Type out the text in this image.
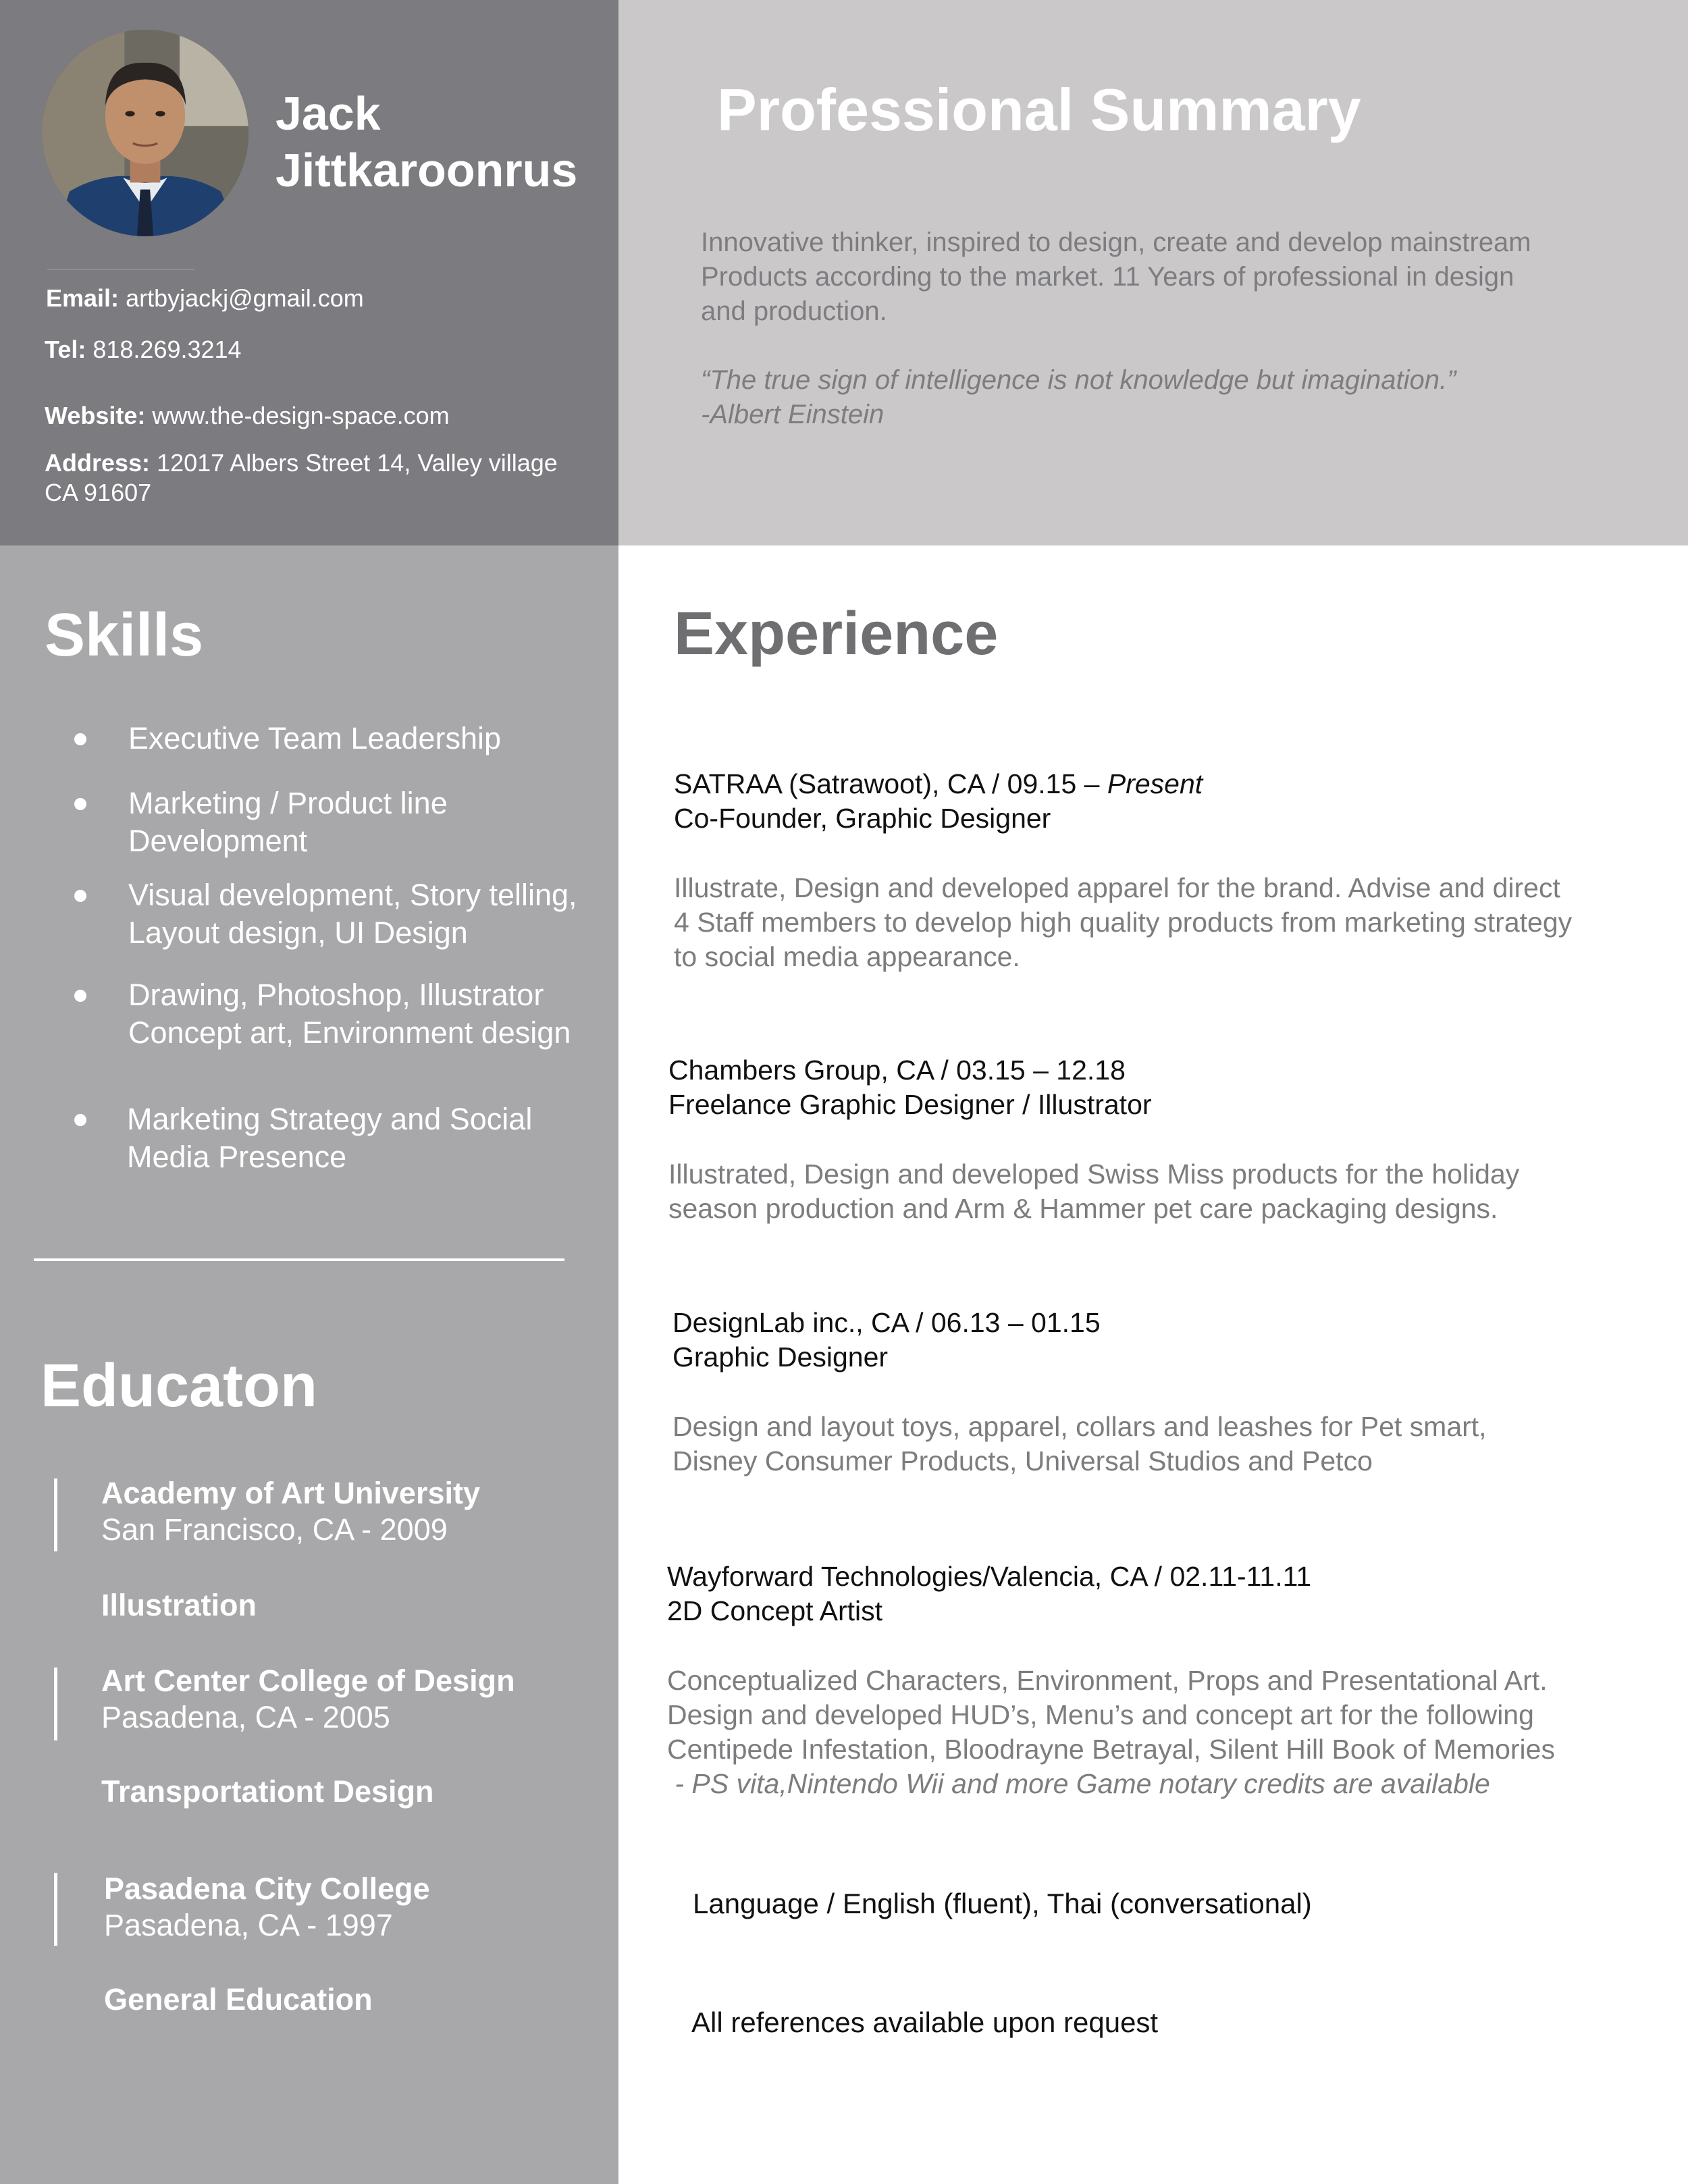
Jack
Jittkaroonrus
Email: artbyjackj@gmail.com
Tel: 818.269.3214
Website: www.the-design-space.com
Address: 12017 Albers Street 14, Valley village
CA 91607
Professional Summary
Innovative thinker, inspired to design, create and develop mainstream
Products according to the market. 11 Years of professional in design
and production.
“The true sign of intelligence is not knowledge but imagination.”
-Albert Einstein
Skills
Executive Team Leadership
Marketing / Product line
Development
Visual development, Story telling,
Layout design, UI Design
Drawing, Photoshop, Illustrator
Concept art, Environment design
Marketing Strategy and Social
Media Presence
Educaton
Academy of Art University
San Francisco, CA - 2009
Illustration
Art Center College of Design
Pasadena, CA - 2005
Transportationt Design
Pasadena City College
Pasadena, CA - 1997
General Education
Experience
SATRAA (Satrawoot), CA / 09.15 – Present
Co-Founder, Graphic Designer
Illustrate, Design and developed apparel for the brand. Advise and direct
4 Staff members to develop high quality products from marketing strategy
to social media appearance.
Chambers Group, CA / 03.15 – 12.18
Freelance Graphic Designer / Illustrator
Illustrated, Design and developed Swiss Miss products for the holiday
season production and Arm & Hammer pet care packaging designs.
DesignLab inc., CA / 06.13 – 01.15
Graphic Designer
Design and layout toys, apparel, collars and leashes for Pet smart,
Disney Consumer Products, Universal Studios and Petco
Wayforward Technologies/Valencia, CA / 02.11-11.11
2D Concept Artist
Conceptualized Characters, Environment, Props and Presentational Art.
Design and developed HUD’s, Menu’s and concept art for the following
Centipede Infestation, Bloodrayne Betrayal, Silent Hill Book of Memories
- PS vita,Nintendo Wii and more Game notary credits are available
Language / English (fluent), Thai (conversational)
All references available upon request
